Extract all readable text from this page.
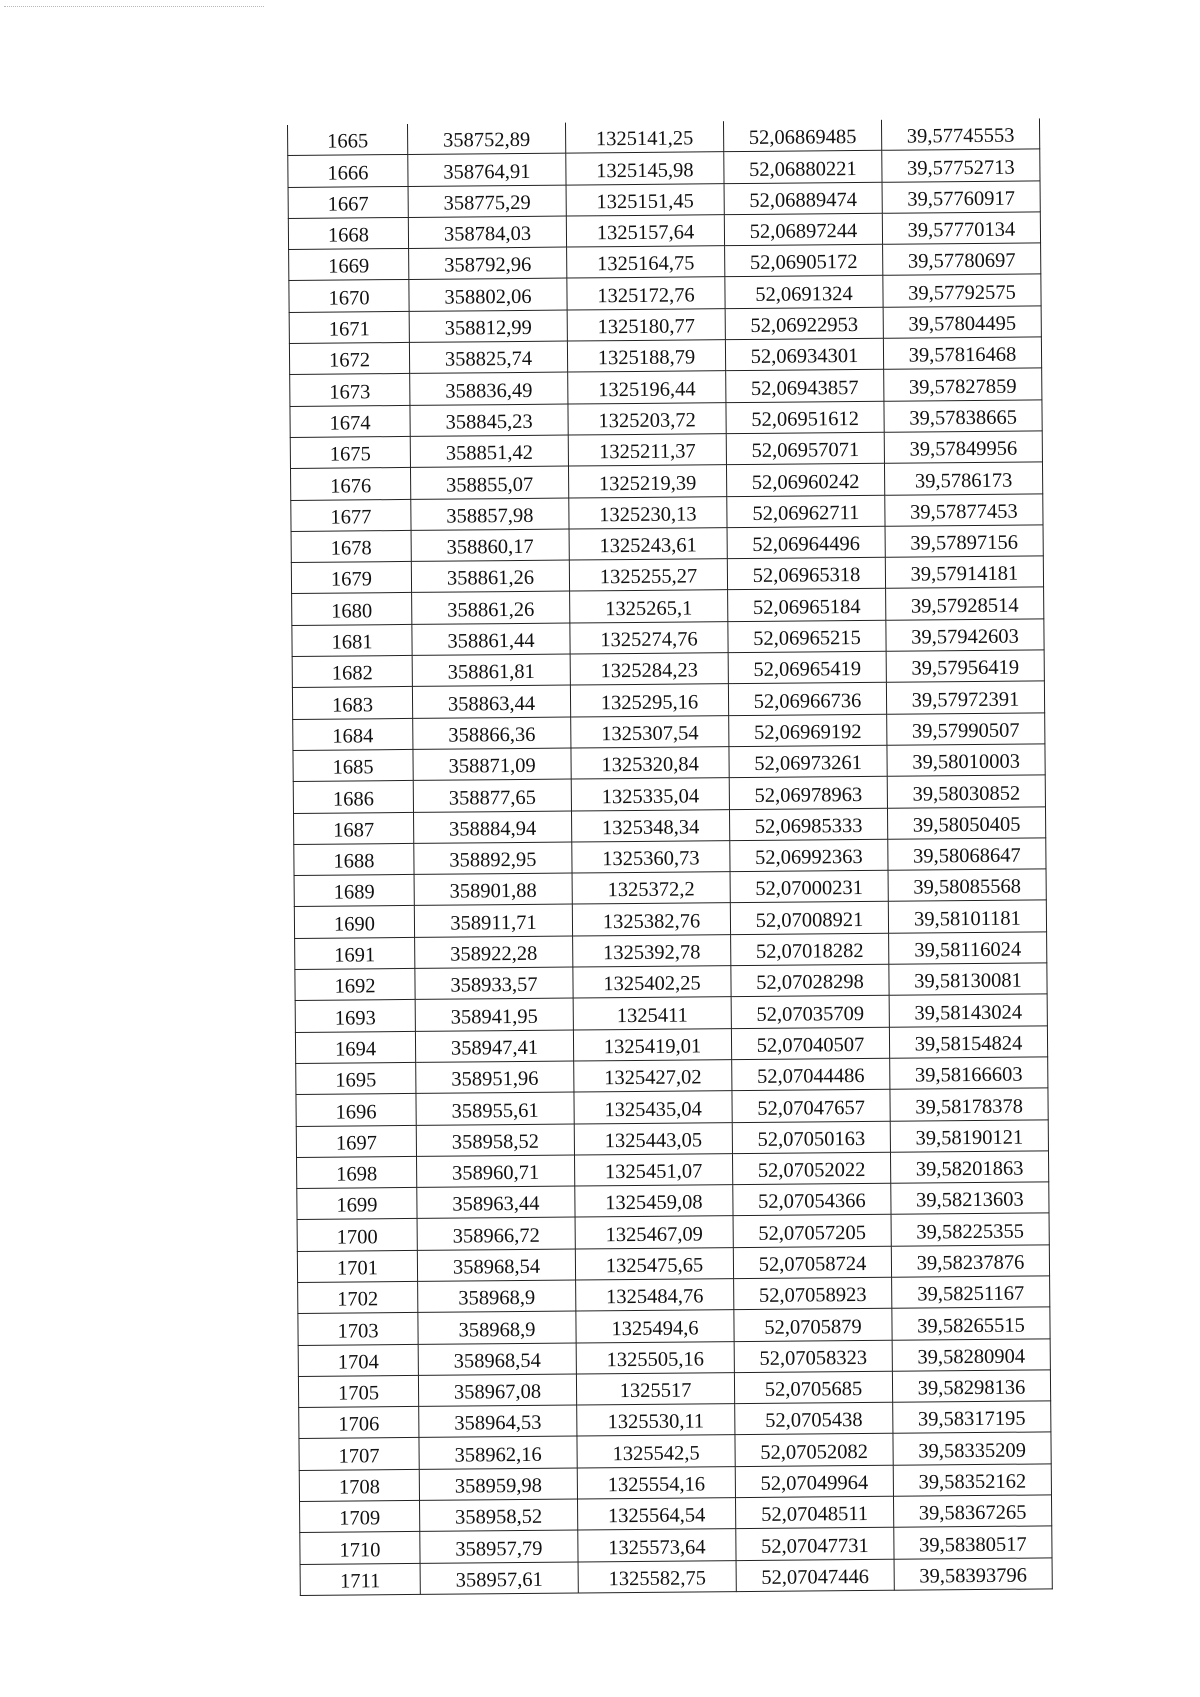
1665	358752,89	1325141,25	52,06869485	39,57745553
1666	358764,91	1325145,98	52,06880221	39,57752713
1667	358775,29	1325151,45	52,06889474	39,57760917
1668	358784,03	1325157,64	52,06897244	39,57770134
1669	358792,96	1325164,75	52,06905172	39,57780697
1670	358802,06	1325172,76	52,0691324	39,57792575
1671	358812,99	1325180,77	52,06922953	39,57804495
1672	358825,74	1325188,79	52,06934301	39,57816468
1673	358836,49	1325196,44	52,06943857	39,57827859
1674	358845,23	1325203,72	52,06951612	39,57838665
1675	358851,42	1325211,37	52,06957071	39,57849956
1676	358855,07	1325219,39	52,06960242	39,5786173
1677	358857,98	1325230,13	52,06962711	39,57877453
1678	358860,17	1325243,61	52,06964496	39,57897156
1679	358861,26	1325255,27	52,06965318	39,57914181
1680	358861,26	1325265,1	52,06965184	39,57928514
1681	358861,44	1325274,76	52,06965215	39,57942603
1682	358861,81	1325284,23	52,06965419	39,57956419
1683	358863,44	1325295,16	52,06966736	39,57972391
1684	358866,36	1325307,54	52,06969192	39,57990507
1685	358871,09	1325320,84	52,06973261	39,58010003
1686	358877,65	1325335,04	52,06978963	39,58030852
1687	358884,94	1325348,34	52,06985333	39,58050405
1688	358892,95	1325360,73	52,06992363	39,58068647
1689	358901,88	1325372,2	52,07000231	39,58085568
1690	358911,71	1325382,76	52,07008921	39,58101181
1691	358922,28	1325392,78	52,07018282	39,58116024
1692	358933,57	1325402,25	52,07028298	39,58130081
1693	358941,95	1325411	52,07035709	39,58143024
1694	358947,41	1325419,01	52,07040507	39,58154824
1695	358951,96	1325427,02	52,07044486	39,58166603
1696	358955,61	1325435,04	52,07047657	39,58178378
1697	358958,52	1325443,05	52,07050163	39,58190121
1698	358960,71	1325451,07	52,07052022	39,58201863
1699	358963,44	1325459,08	52,07054366	39,58213603
1700	358966,72	1325467,09	52,07057205	39,58225355
1701	358968,54	1325475,65	52,07058724	39,58237876
1702	358968,9	1325484,76	52,07058923	39,58251167
1703	358968,9	1325494,6	52,0705879	39,58265515
1704	358968,54	1325505,16	52,07058323	39,58280904
1705	358967,08	1325517	52,0705685	39,58298136
1706	358964,53	1325530,11	52,0705438	39,58317195
1707	358962,16	1325542,5	52,07052082	39,58335209
1708	358959,98	1325554,16	52,07049964	39,58352162
1709	358958,52	1325564,54	52,07048511	39,58367265
1710	358957,79	1325573,64	52,07047731	39,58380517
1711	358957,61	1325582,75	52,07047446	39,58393796
